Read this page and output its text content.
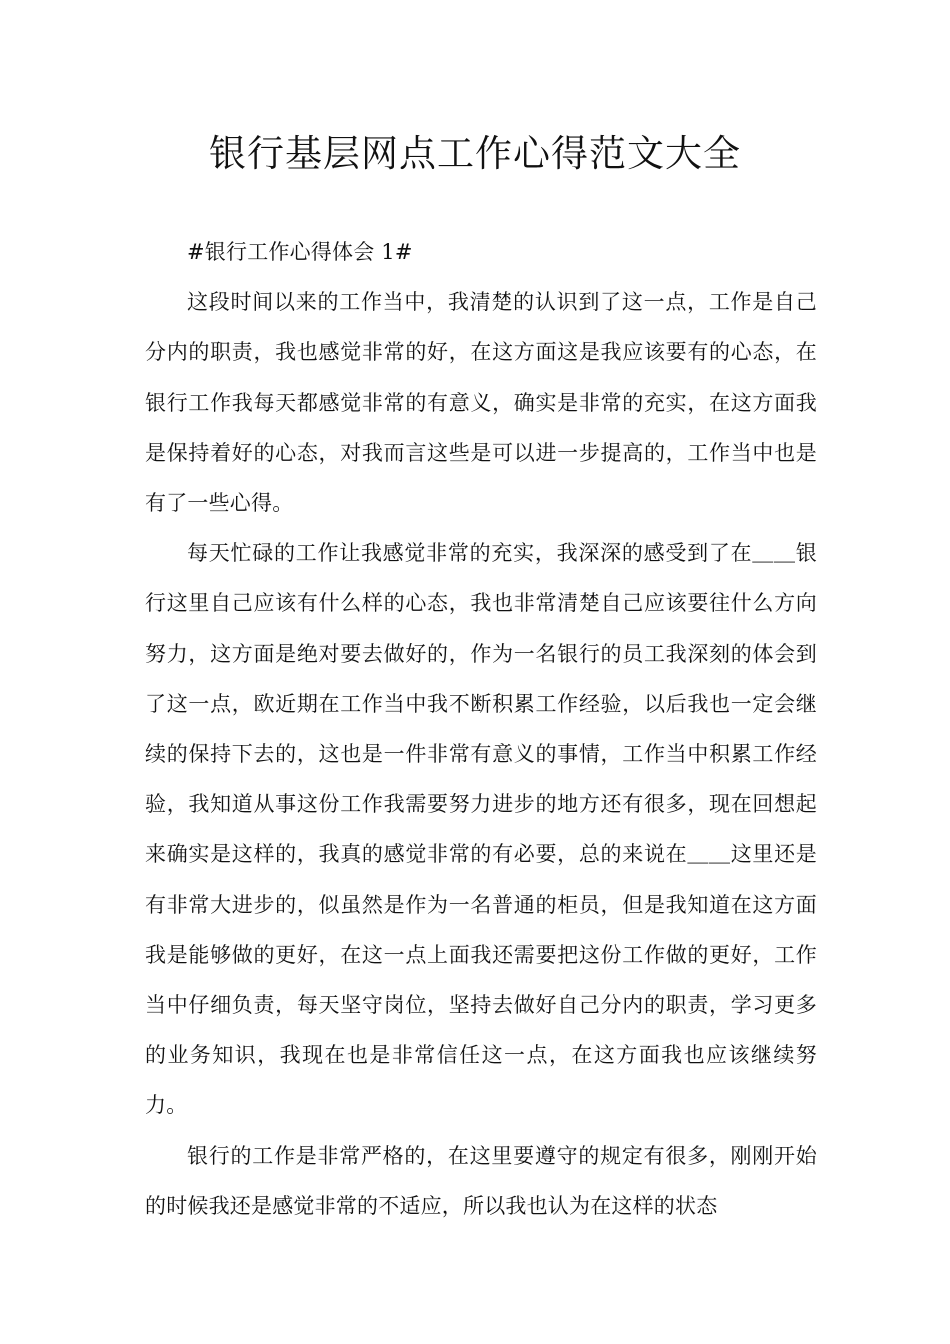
银行基层网点工作心得范文大全
#银行工作心得体会 1#

这段时间以来的工作当中，我清楚的认识到了这一点，工作是自己分内的职责，我也感觉非常的好，在这方面这是我应该要有的心态，在银行工作我每天都感觉非常的有意义，确实是非常的充实，在这方面我是保持着好的心态，对我而言这些是可以进一步提高的，工作当中也是有了一些心得。

每天忙碌的工作让我感觉非常的充实，我深深的感受到了在＿＿银行这里自己应该有什么样的心态，我也非常清楚自己应该要往什么方向努力，这方面是绝对要去做好的，作为一名银行的员工我深刻的体会到了这一点，欧近期在工作当中我不断积累工作经验，以后我也一定会继续的保持下去的，这也是一件非常有意义的事情，工作当中积累工作经验，我知道从事这份工作我需要努力进步的地方还有很多，现在回想起来确实是这样的，我真的感觉非常的有必要，总的来说在＿＿这里还是有非常大进步的，似虽然是作为一名普通的柜员，但是我知道在这方面我是能够做的更好，在这一点上面我还需要把这份工作做的更好，工作当中仔细负责，每天坚守岗位，坚持去做好自己分内的职责，学习更多的业务知识，我现在也是非常信任这一点，在这方面我也应该继续努力。

银行的工作是非常严格的，在这里要遵守的规定有很多，刚刚开始的时候我还是感觉非常的不适应，所以我也认为在这样的状态
